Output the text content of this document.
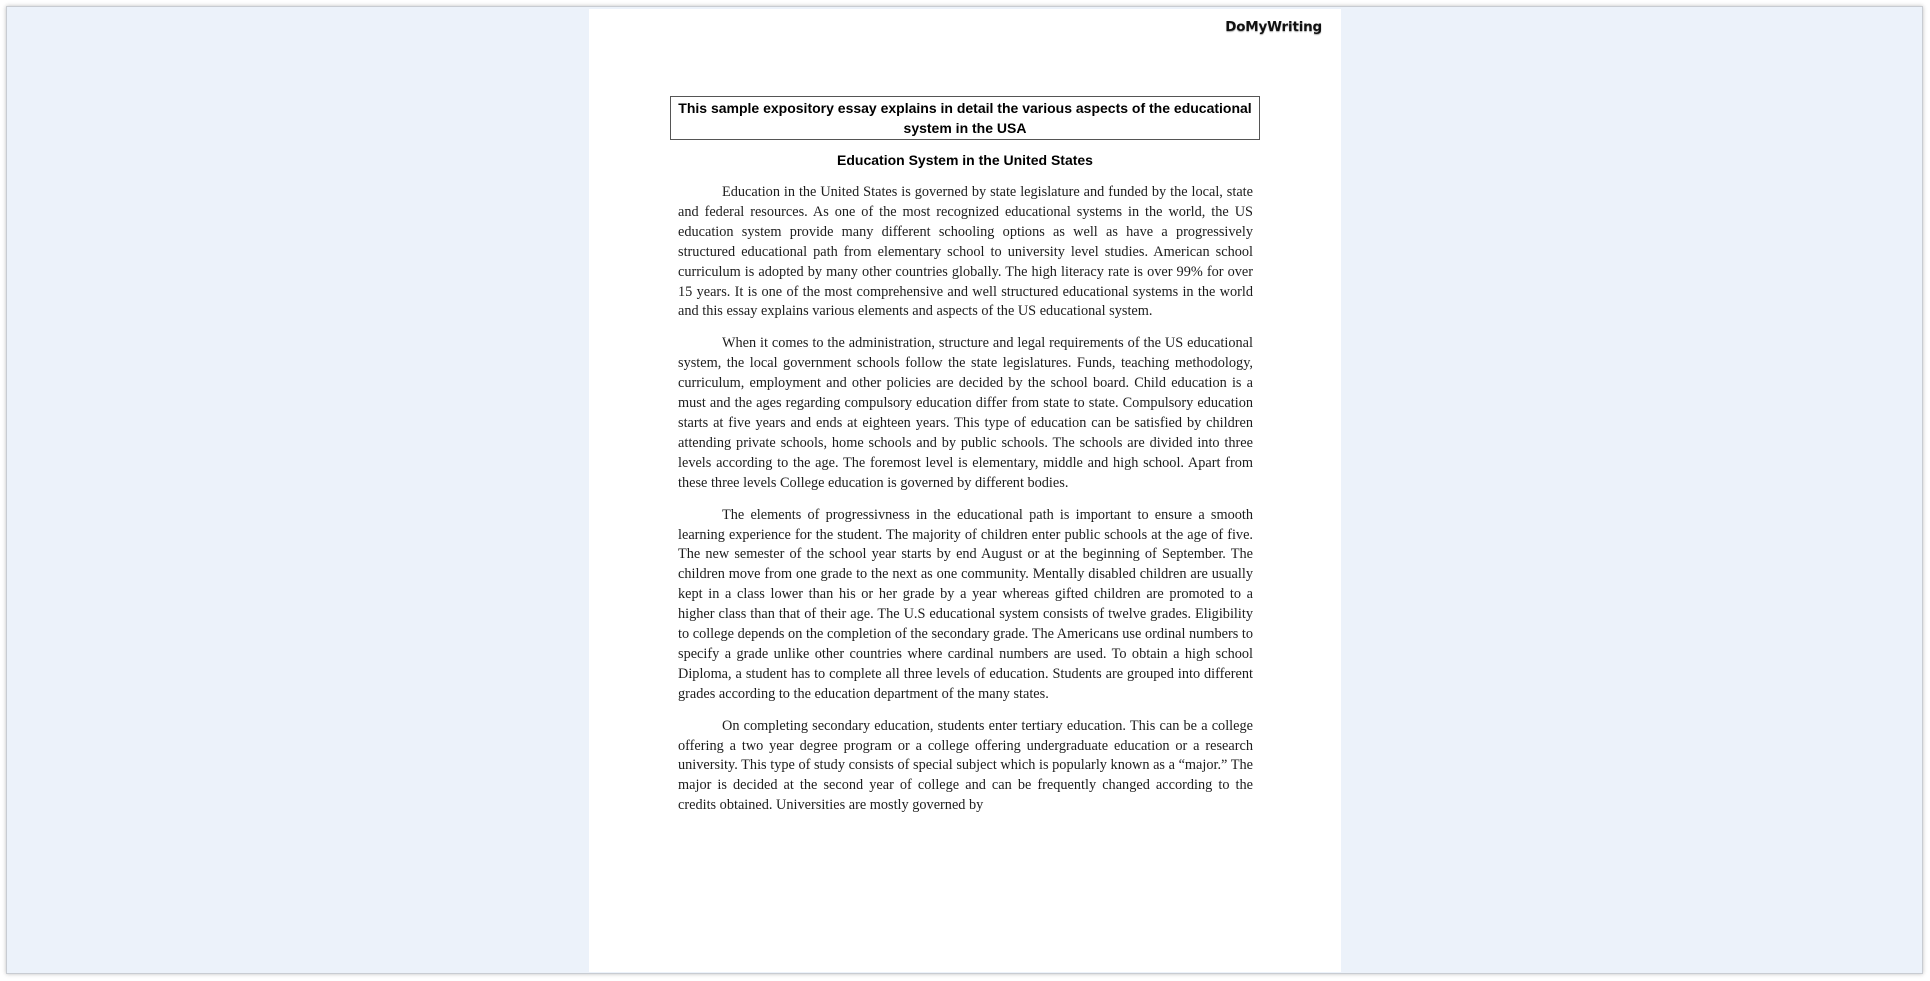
DoMyWriting
This sample expository essay explains in detail the various aspects of the educational system in the USA
Education System in the United States

Education in the United States is governed by state legislature and funded by the local, state and federal resources. As one of the most recognized educational systems in the world, the US education system provide many different schooling options as well as have a progressively structured educational path from elementary school to university level studies. American school curriculum is adopted by many other countries globally. The high literacy rate is over 99% for over 15 years. It is one of the most comprehensive and well structured educational systems in the world and this essay explains various elements and aspects of the US educational system.

When it comes to the administration, structure and legal requirements of the US educational system, the local government schools follow the state legislatures. Funds, teaching methodology, curriculum, employment and other policies are decided by the school board. Child education is a must and the ages regarding compulsory education differ from state to state. Compulsory education starts at five years and ends at eighteen years. This type of education can be satisfied by children attending private schools, home schools and by public schools. The schools are divided into three levels according to the age. The foremost level is elementary, middle and high school. Apart from these three levels College education is governed by different bodies.

The elements of progressivness in the educational path is important to ensure a smooth learning experience for the student. The majority of children enter public schools at the age of five. The new semester of the school year starts by end August or at the beginning of September. The children move from one grade to the next as one community. Mentally disabled children are usually kept in a class lower than his or her grade by a year whereas gifted children are promoted to a higher class than that of their age. The U.S educational system consists of twelve grades. Eligibility to college depends on the completion of the secondary grade. The Americans use ordinal numbers to specify a grade unlike other countries where cardinal numbers are used. To obtain a high school Diploma, a student has to complete all three levels of education. Students are grouped into different grades according to the education department of the many states.

On completing secondary education, students enter tertiary education. This can be a college offering a two year degree program or a college offering undergraduate education or a research university. This type of study consists of special subject which is popularly known as a “major.” The major is decided at the second year of college and can be frequently changed according to the credits obtained. Universities are mostly governed by
